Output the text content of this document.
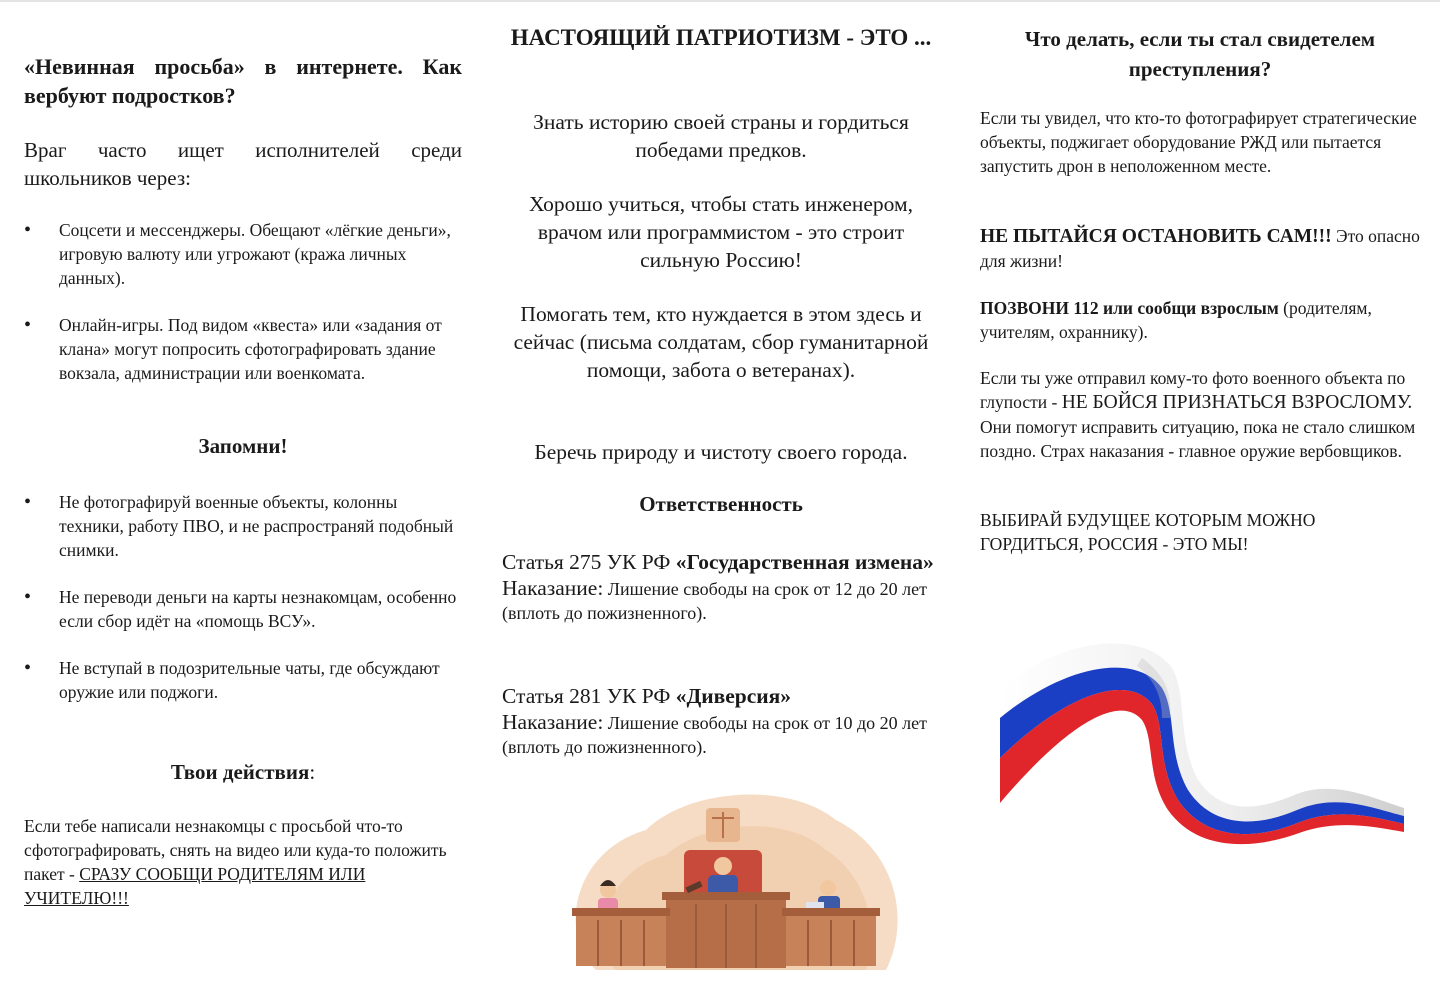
«Невинная просьба» в интернете. Как вербуют подростков?

Враг часто ищет исполнителей среди школьников через:

• Соцсети и мессенджеры. Обещают «лёгкие деньги», игровую валюту или угрожают (кража личных данных).
• Онлайн-игры. Под видом «квеста» или «задания от клана» могут попросить сфотографировать здание вокзала, администрации или военкомата.
Запомни!
• Не фотографируй военные объекты, колонны техники, работу ПВО, и не распространяй подобный снимки.
• Не переводи деньги на карты незнакомцам, особенно если сбор идёт на «помощь ВСУ».
• Не вступай в подозрительные чаты, где обсуждают оружие или поджоги.
Твои действия:

Если тебе написали незнакомцы с просьбой что-то сфотографировать, снять на видео или куда-то положить пакет - СРАЗУ СООБЩИ РОДИТЕЛЯМ ИЛИ УЧИТЕЛЮ!!!

НАСТОЯЩИЙ ПАТРИОТИЗМ - ЭТО ...

Знать историю своей страны и гордиться победами предков.

Хорошо учиться, чтобы стать инженером, врачом или программистом - это строит сильную Россию!

Помогать тем, кто нуждается в этом здесь и сейчас (письма солдатам, сбор гуманитарной помощи, забота о ветеранах).

Беречь природу и чистоту своего города.

Ответственность
Статья 275 УК РФ «Государственная измена»
Наказание: Лишение свободы на срок от 12 до 20 лет (вплоть до пожизненного).
Статья 281 УК РФ «Диверсия»
Наказание: Лишение свободы на срок от 10 до 20 лет (вплоть до пожизненного).
Что делать, если ты стал свидетелем преступления?

Если ты увидел, что кто-то фотографирует стратегические объекты, поджигает оборудование РЖД или пытается запустить дрон в неположенном месте.

НЕ ПЫТАЙСЯ ОСТАНОВИТЬ САМ!!! Это опасно для жизни!

ПОЗВОНИ 112 или сообщи взрослым (родителям, учителям, охраннику).

Если ты уже отправил кому-то фото военного объекта по глупости - НЕ БОЙСЯ ПРИЗНАТЬСЯ ВЗРОСЛОМУ. Они помогут исправить ситуацию, пока не стало слишком поздно. Страх наказания - главное оружие вербовщиков.

ВЫБИРАЙ БУДУЩЕЕ КОТОРЫМ МОЖНО ГОРДИТЬСЯ, РОССИЯ - ЭТО МЫ!
